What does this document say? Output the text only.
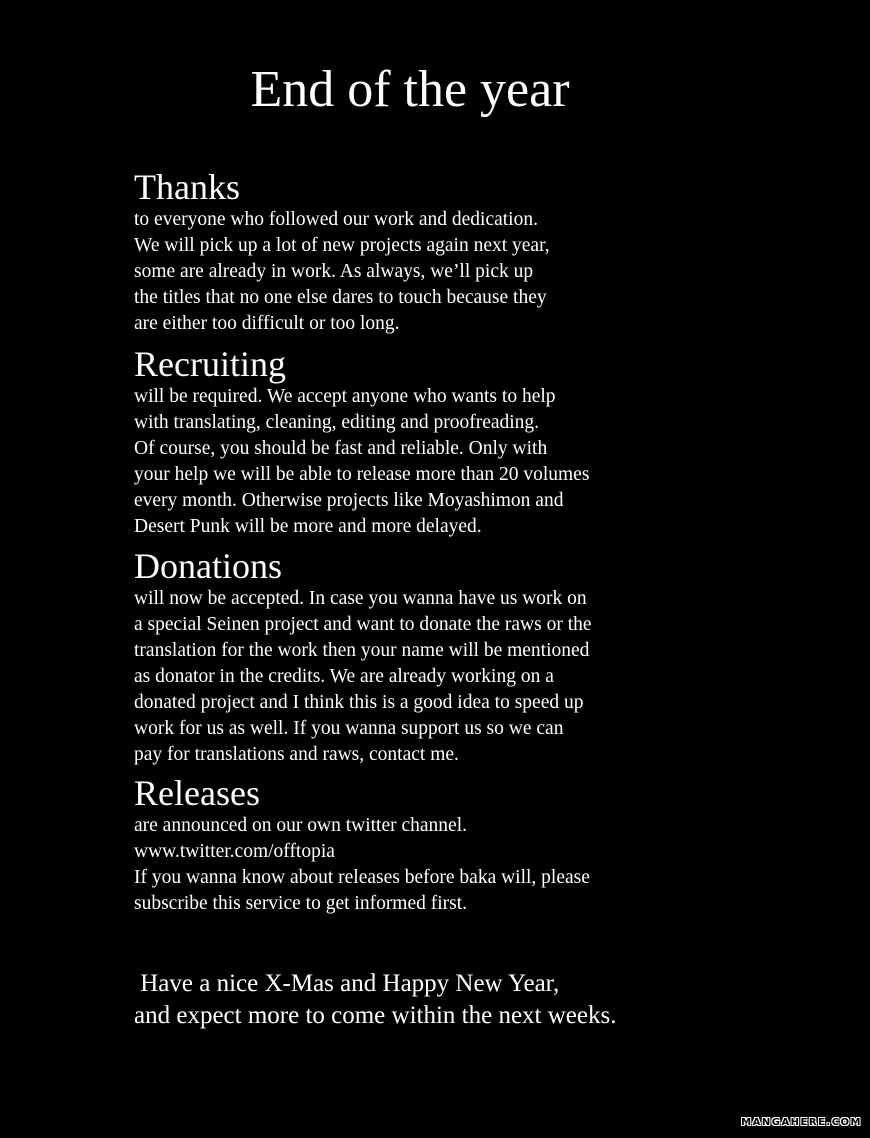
End of the year
Thanks
to everyone who followed our work and dedication.
We will pick up a lot of new projects again next year,
some are already in work. As always, we’ll pick up
the titles that no one else dares to touch because they
are either too difficult or too long.
Recruiting
will be required. We accept anyone who wants to help
with translating, cleaning, editing and proofreading.
Of course, you should be fast and reliable. Only with
your help we will be able to release more than 20 volumes
every month. Otherwise projects like Moyashimon and
Desert Punk will be more and more delayed.
Donations
will now be accepted. In case you wanna have us work on
a special Seinen project and want to donate the raws or the
translation for the work then your name will be mentioned
as donator in the credits. We are already working on a
donated project and I think this is a good idea to speed up
work for us as well. If you wanna support us so we can
pay for translations and raws, contact me.
Releases
are announced on our own twitter channel.
www.twitter.com/offtopia
If you wanna know about releases before baka will, please
subscribe this service to get informed first.
Have a nice X-Mas and Happy New Year,
and expect more to come within the next weeks.
MANGAHERE.COM
